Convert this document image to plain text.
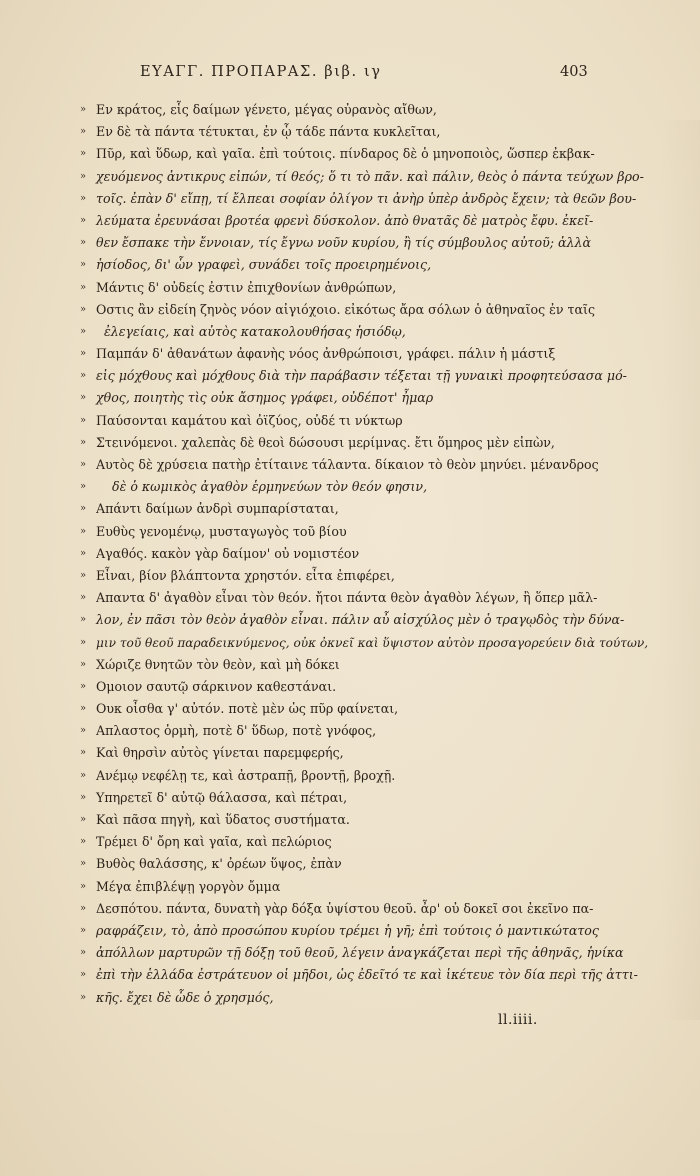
ΕΥΑΓΓ. ΠΡΟΠΑΡΑΣ. βιβ. ιγ	403
» Εν κράτος, εἷς δαίμων γένετο, μέγας οὐρανὸς αἴθων,
» Εν δὲ τὰ πάντα τέτυκται, ἐν ᾧ τάδε πάντα κυκλεῖται,
» Πῦρ, καὶ ὕδωρ, καὶ γαῖα. ἐπὶ τούτοις. πίνδαρος δὲ ὁ μηνοποιὸς, ὥσπερ ἐκβακ-
» χευόμενος ἀντικρυς εἰπών, τί θεός; ὅ τι τὸ πᾶν. καὶ πάλιν, θεὸς ὁ πάντα τεύχων βρο-
» τοῖς. ἐπὰν δ' εἴπῃ, τί ἔλπεαι σοφίαν ὀλίγον τι ἀνὴρ ὑπὲρ ἀνδρὸς ἔχειν; τὰ θεῶν βου-
» λεύματα ἐρευνάσαι βροτέα φρενὶ δύσκολον. ἀπὸ θνατᾶς δὲ ματρὸς ἔφυ. ἐκεῖ-
» θεν ἔσπακε τὴν ἔννοιαν, τίς ἔγνω νοῦν κυρίου, ἢ τίς σύμβουλος αὐτοῦ; ἀλλὰ
» ἡσίοδος, δι' ὧν γραφεὶ, συνάδει τοῖς προειρημένοις,
» Μάντις δ' οὐδείς ἐστιν ἐπιχθονίων ἀνθρώπων,
» Οστις ἂν εἰδείη ζηνὸς νόον αἰγιόχοιο. εἰκότως ἄρα σόλων ὁ ἀθηναῖος ἐν ταῖς
» ἐλεγείαις, καὶ αὐτὸς κατακολουθήσας ἡσιόδῳ,
» Παμπάν δ' ἀθανάτων ἀφανὴς νόος ἀνθρώποισι, γράφει. πάλιν ἡ μάστιξ
» εἰς μόχθους καὶ μόχθους διὰ τὴν παράβασιν τέξεται τῇ γυναικὶ προφητεύσασα μό-
» χθος, ποιητὴς τὶς οὐκ ἄσημος γράφει, οὐδέποτ' ἦμαρ
» Παύσονται καμάτου καὶ ὀϊζύος, οὐδέ τι νύκτωρ
» Στεινόμενοι. χαλεπὰς δὲ θεοὶ δώσουσι μερίμνας. ἔτι ὅμηρος μὲν εἰπὼν,
» Αυτὸς δὲ χρύσεια πατὴρ ἐτίταινε τάλαντα. δίκαιον τὸ θεὸν μηνύει. μένανδρος
» δὲ ὁ κωμικὸς ἀγαθὸν ἑρμηνεύων τὸν θεόν φησιν,
» Απάντι δαίμων ἀνδρὶ συμπαρίσταται,
» Ευθὺς γενομένῳ, μυσταγωγὸς τοῦ βίου
» Αγαθός. κακὸν γὰρ δαίμον' οὐ νομιστέον
» Εἶναι, βίον βλάπτοντα χρηστόν. εἶτα ἐπιφέρει,
» Απαντα δ' ἀγαθὸν εἶναι τὸν θεόν. ἤτοι πάντα θεὸν ἀγαθὸν λέγων, ἢ ὅπερ μᾶλ-
» λον, ἐν πᾶσι τὸν θεὸν ἀγαθὸν εἶναι. πάλιν αὖ αἰσχύλος μὲν ὁ τραγῳδὸς τὴν δύνα-
» μιν τοῦ θεοῦ παραδεικνύμενος, οὐκ ὀκνεῖ καὶ ὕψιστον αὐτὸν προσαγορεύειν διὰ τούτων,
» Χώριζε θνητῶν τὸν θεὸν, καὶ μὴ δόκει
» Ομοιον σαυτῷ σάρκινον καθεστάναι.
» Ουκ οἶσθα γ' αὐτόν. ποτὲ μὲν ὡς πῦρ φαίνεται,
» Απλαστος ὁρμὴ, ποτὲ δ' ὕδωρ, ποτὲ γνόφος,
» Καὶ θηρσὶν αὐτὸς γίνεται παρεμφερής,
» Ανέμῳ νεφέλῃ τε, καὶ ἀστραπῇ, βροντῇ, βροχῇ.
» Υπηρετεῖ δ' αὐτῷ θάλασσα, καὶ πέτραι,
» Καὶ πᾶσα πηγὴ, καὶ ὕδατος συστήματα.
» Τρέμει δ' ὄρη καὶ γαῖα, καὶ πελώριος
» Βυθὸς θαλάσσης, κ' ὀρέων ὕψος, ἐπὰν
» Μέγα ἐπιβλέψῃ γοργὸν ὄμμα
» Δεσπότου. πάντα, δυνατὴ γὰρ δόξα ὑψίστου θεοῦ. ἆρ' οὐ δοκεῖ σοι ἐκεῖνο πα-
» ραφράζειν, τὸ, ἀπὸ προσώπου κυρίου τρέμει ἡ γῆ; ἐπὶ τούτοις ὁ μαντικώτατος
» ἀπόλλων μαρτυρῶν τῇ δόξῃ τοῦ θεοῦ, λέγειν ἀναγκάζεται περὶ τῆς ἀθηνᾶς, ἡνίκα
» ἐπὶ τὴν ἑλλάδα ἐστράτευον οἱ μῆδοι, ὡς ἐδεῖτό τε καὶ ἱκέτευε τὸν δία περὶ τῆς ἀττι-
» κῆς. ἔχει δὲ ὧδε ὁ χρησμός,
ll.iiii.
